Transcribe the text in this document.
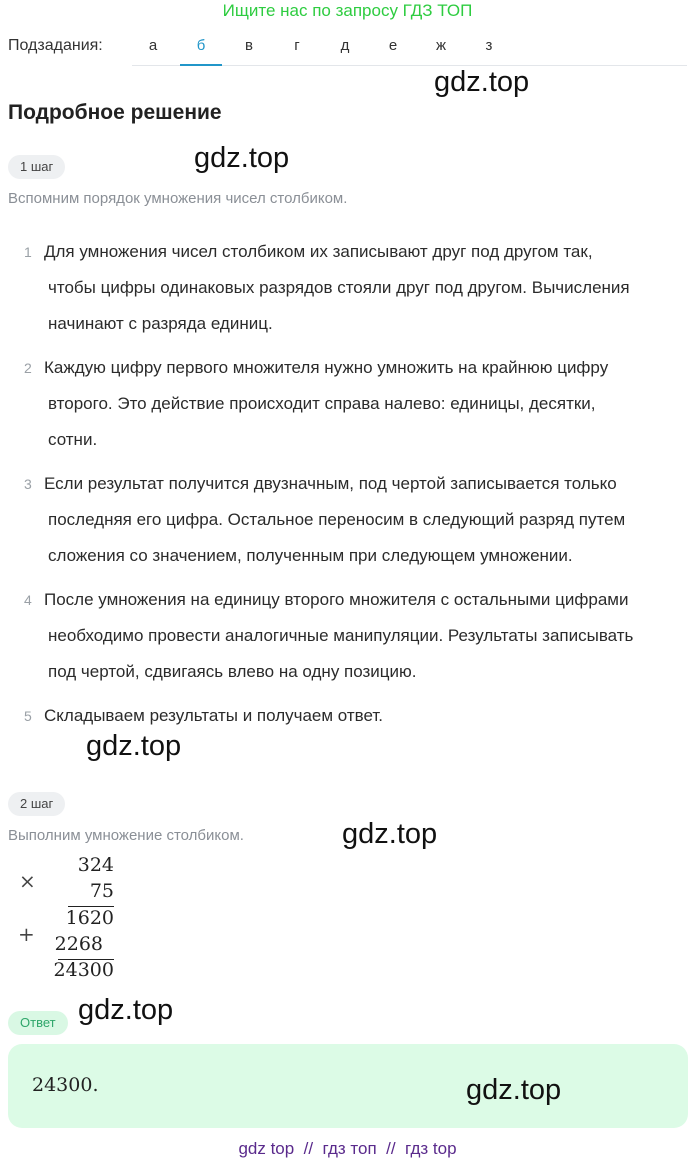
Ищите нас по запросу ГДЗ ТОП
Подзадания:	а	б	в	г	д	е	ж	з
gdz.top
Подробное решение
1 шаг	gdz.top
Вспомним порядок умножения чисел столбиком.
1 Для умножения чисел столбиком их записывают друг под другом так,
чтобы цифры одинаковых разрядов стояли друг под другом. Вычисления
начинают с разряда единиц.
2 Каждую цифру первого множителя нужно умножить на крайнюю цифру
второго. Это действие происходит справа налево: единицы, десятки,
сотни.
3 Если результат получится двузначным, под чертой записывается только
последняя его цифра. Остальное переносим в следующий разряд путем
сложения со значением, полученным при следующем умножении.
4 После умножения на единицу второго множителя с остальными цифрами
необходимо провести аналогичные манипуляции. Результаты записывать
под чертой, сдвигаясь влево на одну позицию.
5 Складываем результаты и получаем ответ.
gdz.top
2 шаг
Выполним умножение столбиком.	gdz.top
×
324
75
1620
+ 2268
24300
Ответ gdz.top
24300.	gdz.top
gdz top  //  гдз топ  //  гдз top
